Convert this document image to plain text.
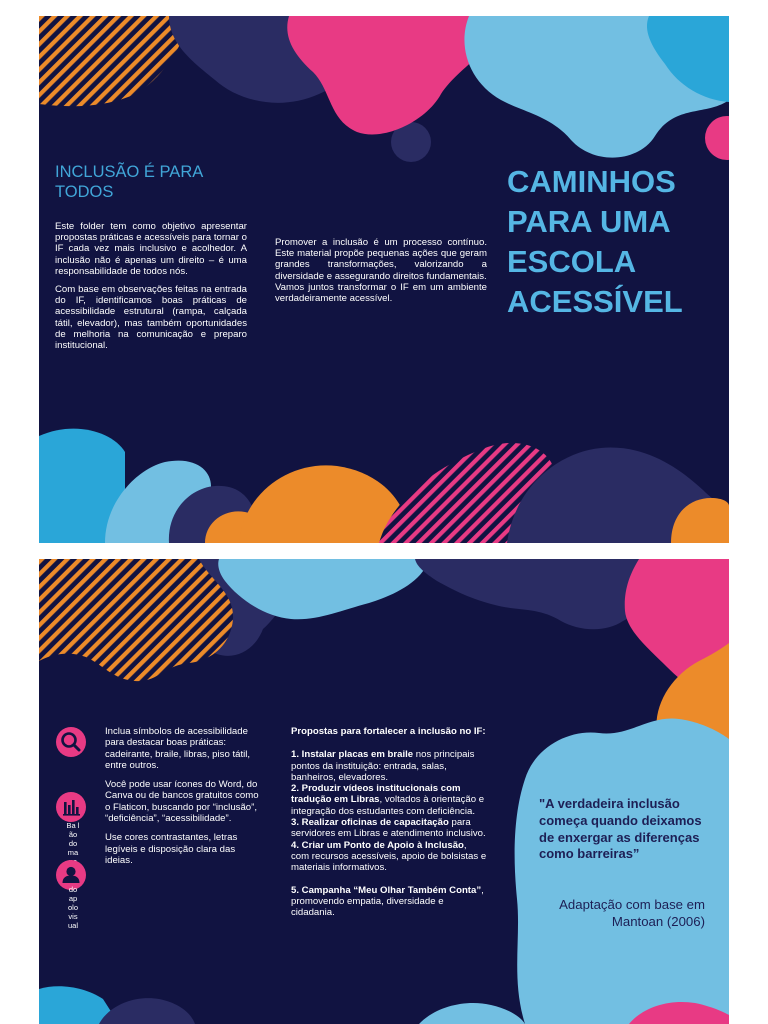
INCLUSÃO É PARA TODOS

Este folder tem como objetivo apresentar propostas práticas e acessíveis para tornar o IF cada vez mais inclusivo e acolhedor. A inclusão não é apenas um direito – é uma responsabilidade de todos nós.

Com base em observações feitas na entrada do IF, identificamos boas práticas de acessibilidade estrutural (rampa, calçada tátil, elevador), mas também oportunidades de melhoria na comunicação e preparo institucional.

Promover a inclusão é um processo contínuo. Este material propõe pequenas ações que geram grandes transformações, valorizando a diversidade e assegurando direitos fundamentais.
Vamos juntos transformar o IF em um ambiente verdadeiramente acessível.
CAMINHOS PARA UMA ESCOLA ACESSÍVEL
Ba lão do ma
do ap olo vis ual

Inclua símbolos de acessibilidade para destacar boas práticas: cadeirante, braile, libras, piso tátil, entre outros.

Você pode usar ícones do Word, do Canva ou de bancos gratuitos como o Flaticon, buscando por “inclusão”, “deficiência”, “acessibilidade”.

Use cores contrastantes, letras legíveis e disposição clara das ideias.

Propostas para fortalecer a inclusão no IF:

1. Instalar placas em braile nos principais pontos da instituição: entrada, salas, banheiros, elevadores.

2. Produzir vídeos institucionais com tradução em Libras, voltados à orientação e integração dos estudantes com deficiência.

3. Realizar oficinas de capacitação para servidores em Libras e atendimento inclusivo.

4. Criar um Ponto de Apoio à Inclusão, com recursos acessíveis, apoio de bolsistas e materiais informativos.

5. Campanha “Meu Olhar Também Conta”, promovendo empatia, diversidade e cidadania.

"A verdadeira inclusão começa quando deixamos de enxergar as diferenças como barreiras”
Adaptação com base em Mantoan (2006)
